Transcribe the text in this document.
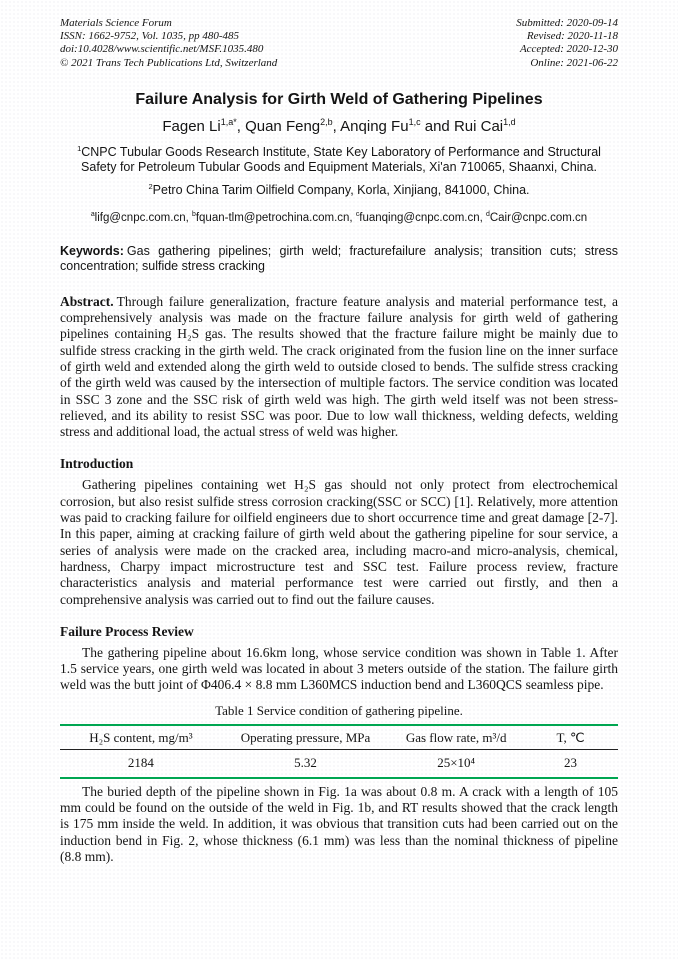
Materials Science Forum
ISSN: 1662-9752, Vol. 1035, pp 480-485
doi:10.4028/www.scientific.net/MSF.1035.480
© 2021 Trans Tech Publications Ltd, Switzerland
Submitted: 2020-09-14
Revised: 2020-11-18
Accepted: 2020-12-30
Online: 2021-06-22
Failure Analysis for Girth Weld of Gathering Pipelines
Fagen $Li^{1,a*}$, Quan Feng$^{2,b}$, Anqing Fu$^{1,c}$ and Rui Cai$^{1,d}$
$^1$CNPC Tubular Goods Research Institute, State Key Laboratory of Performance and Structural Safety for Petroleum Tubular Goods and Equipment Materials, Xi'an 710065, Shaanxi, China.
$^2$Petro China Tarim Oilfield Company, Korla, Xinjiang, 841000, China.
$^a$lifg@cnpc.com.cn, $^b$fquan-tlm@petrochina.com.cn, $^c$fuanqing@cnpc.com.cn, $^d$Cair@cnpc.com.cn
Keywords: Gas gathering pipelines; girth weld; fracturefailure analysis; transition cuts; stress concentration; sulfide stress cracking
Abstract. Through failure generalization, fracture feature analysis and material performance test, a comprehensively analysis was made on the fracture failure analysis for girth weld of gathering pipelines containing H₂S gas. The results showed that the fracture failure might be mainly due to sulfide stress cracking in the girth weld. The crack originated from the fusion line on the inner surface of girth weld and extended along the girth weld to outside closed to bends. The sulfide stress cracking of the girth weld was caused by the intersection of multiple factors. The service condition was located in SSC 3 zone and the SSC risk of girth weld was high. The girth weld itself was not been stress-relieved, and its ability to resist SSC was poor. Due to low wall thickness, welding defects, welding stress and additional load, the actual stress of weld was higher.
Introduction

Gathering pipelines containing wet H₂S gas should not only protect from electrochemical corrosion, but also resist sulfide stress corrosion cracking(SSC or SCC) [1]. Relatively, more attention was paid to cracking failure for oilfield engineers due to short occurrence time and great damage [2-7]. In this paper, aiming at cracking failure of girth weld about the gathering pipeline for sour service, a series of analysis were made on the cracked area, including macro-and micro-analysis, chemical, hardness, Charpy impact microstructure test and SSC test. Failure process review, fracture characteristics analysis and material performance test were carried out firstly, and then a comprehensive analysis was carried out to find out the failure causes.

Failure Process Review

The gathering pipeline about 16.6km long, whose service condition was shown in Table 1. After 1.5 service years, one girth weld was located in about 3 meters outside of the station. The failure girth weld was the butt joint of Φ406.4 × 8.8 mm L360MCS induction bend and L360QCS seamless pipe.

Table 1 Service condition of gathering pipeline.
H₂S content, mg/m³	Operating pressure, MPa	Gas flow rate, m³/d	T, ℃
2184	5.32	25×10⁴	23

The buried depth of the pipeline shown in Fig. 1a was about 0.8 m. A crack with a length of 105 mm could be found on the outside of the weld in Fig. 1b, and RT results showed that the crack length is 175 mm inside the weld. In addition, it was obvious that transition cuts had been carried out on the induction bend in Fig. 2, whose thickness (6.1 mm) was less than the nominal thickness of pipeline (8.8 mm).
